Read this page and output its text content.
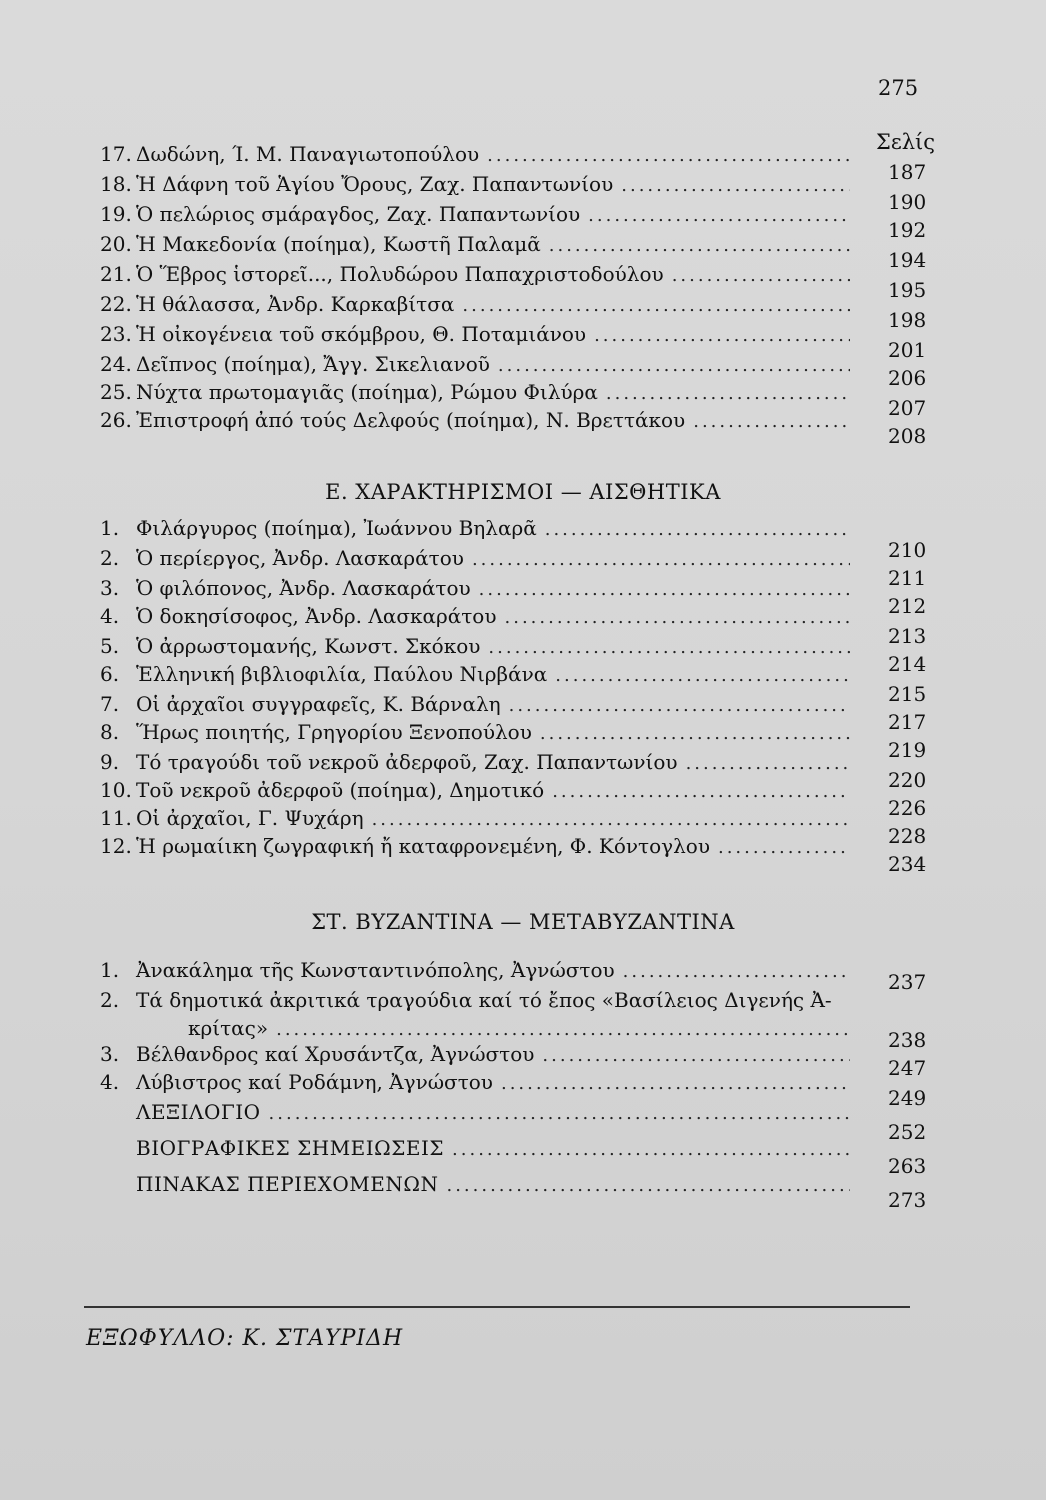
275
Σελίς
17. Δωδώνη, Ί. Μ. Παναγιωτοπούλου
.....
187
18. Ἡ Δάφνη τοῦ Ἁγίου Ὄρους, Ζαχ. Παπαντωνίου
.....
190
19. Ὁ πελώριος σμάραγδος, Ζαχ. Παπαντωνίου
.....
192
20. Ἡ Μακεδονία (ποίημα), Κωστῆ Παλαμᾶ
.....
194
21. Ὁ Ἕβρος ἱστορεῖ..., Πολυδώρου Παπαχριστοδούλου
.....
195
22. Ἡ θάλασσα, Ἀνδρ. Καρκαβίτσα
.....
198
23. Ἡ οἰκογένεια τοῦ σκόμβρου, Θ. Ποταμιάνου
.....
201
24. Δεῖπνος (ποίημα), Ἄγγ. Σικελιανοῦ
.....
206
25. Νύχτα πρωτομαγιᾶς (ποίημα), Ρώμου Φιλύρα
.....
207
26. Ἐπιστροφή ἀπό τούς Δελφούς (ποίημα), Ν. Βρεττάκου
.....
208
Ε. ΧΑΡΑΚΤΗΡΙΣΜΟΙ — ΑΙΣΘΗΤΙΚΑ
1. Φιλάργυρος (ποίημα), Ἰωάννου Βηλαρᾶ
.....
210
2. Ὁ περίεργος, Ἀνδρ. Λασκαράτου
.....
211
3. Ὁ φιλόπονος, Ἀνδρ. Λασκαράτου
.....
212
4. Ὁ δοκησίσοφος, Ἀνδρ. Λασκαράτου
.....
213
5. Ὁ ἀρρωστομανής, Κωνστ. Σκόκου
.....
214
6. Ἑλληνική βιβλιοφιλία, Παύλου Νιρβάνα
.....
215
7. Οἱ ἀρχαῖοι συγγραφεῖς, Κ. Βάρναλη
.....
217
8. Ἥρως ποιητής, Γρηγορίου Ξενοπούλου
.....
219
9. Τό τραγούδι τοῦ νεκροῦ ἀδερφοῦ, Ζαχ. Παπαντωνίου
.....
220
10. Τοῦ νεκροῦ ἀδερφοῦ (ποίημα), Δημοτικό
.....
226
11. Οἱ ἀρχαῖοι, Γ. Ψυχάρη
.....
228
12. Ἡ ρωμαίικη ζωγραφική ἤ καταφρονεμένη, Φ. Κόντογλου
.....
234
ΣΤ. ΒΥΖΑΝΤΙΝΑ — ΜΕΤΑΒΥΖΑΝΤΙΝΑ
1. Ἀνακάλημα τῆς Κωνσταντινόπολης, Ἀγνώστου .....	237
2. Τά δημοτικά ἀκριτικά τραγούδια καί τό ἔπος «Βασίλειος Διγενής Ἀ-
κρίτας» .....	238
3. Βέλθανδρος καί Χρυσάντζα, Ἀγνώστου
.....
247
4. Λύβιστρος καί Ροδάμνη, Ἀγνώστου
.....
249
ΛΕΞΙΛΟΓΙΟ
.....
252
ΒΙΟΓΡΑΦΙΚΕΣ ΣΗΜΕΙΩΣΕΙΣ
.....
263
ΠΙΝΑΚΑΣ ΠΕΡΙΕΧΟΜΕΝΩΝ
.....
273
ΕΞΩΦΥΛΛΟ: Κ. ΣΤΑΥΡΙΔΗ
